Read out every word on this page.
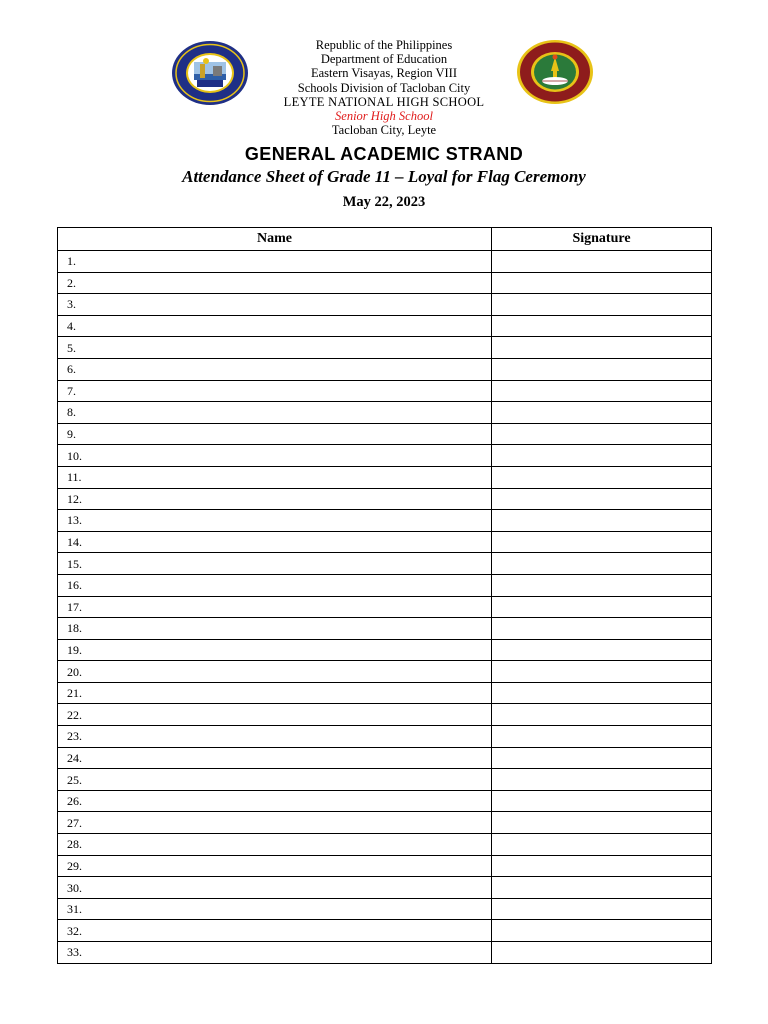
Republic of the Philippines
Department of Education
Eastern Visayas, Region VIII
Schools Division of Tacloban City
LEYTE NATIONAL HIGH SCHOOL
Senior High School
Tacloban City, Leyte
GENERAL ACADEMIC STRAND
Attendance Sheet of Grade 11 – Loyal for Flag Ceremony
May 22, 2023
Name	Signature
1.	
2.	
3.	
4.	
5.	
6.	
7.	
8.	
9.	
10.	
11.	
12.	
13.	
14.	
15.	
16.	
17.	
18.	
19.	
20.	
21.	
22.	
23.	
24.	
25.	
26.	
27.	
28.	
29.	
30.	
31.	
32.	
33.	
